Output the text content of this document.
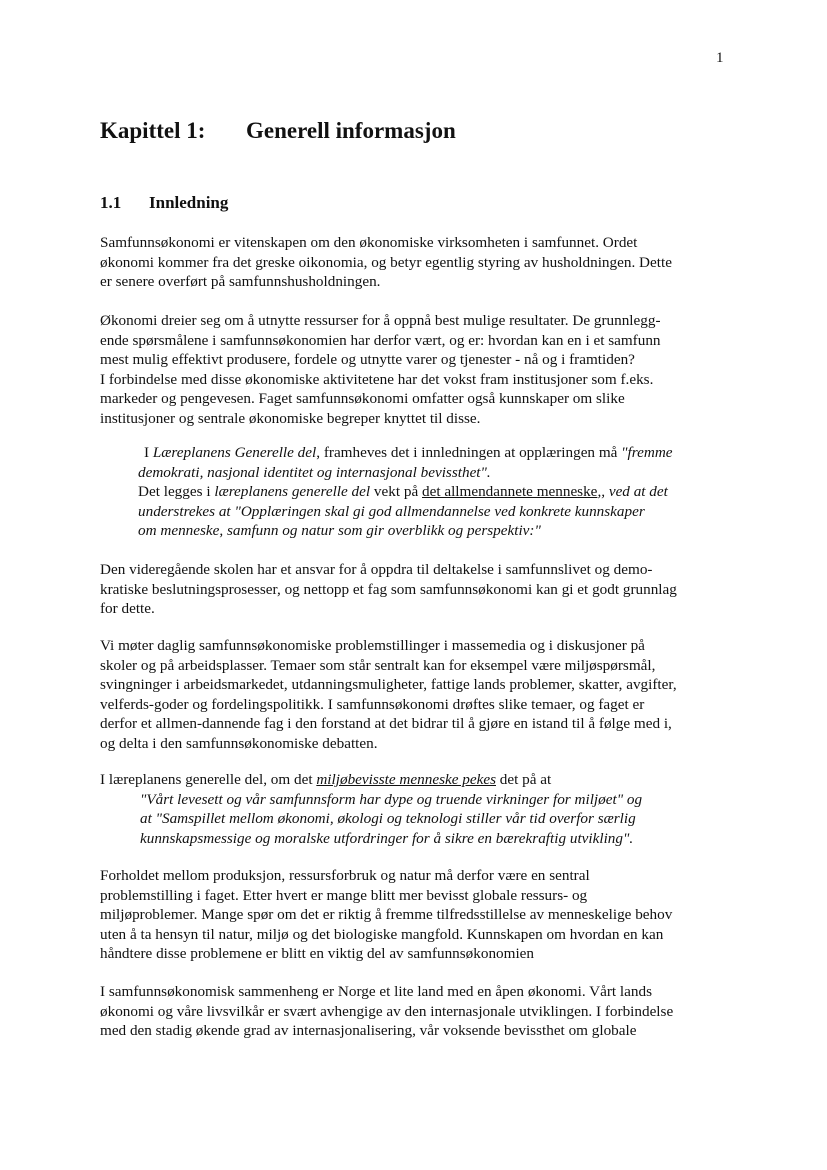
1
Kapittel 1: Generell informasjon
1.1 Innledning
Samfunnsøkonomi er vitenskapen om den økonomiske virksomheten i samfunnet. Ordet
økonomi kommer fra det greske oikonomia, og betyr egentlig styring av husholdningen. Dette
er senere overført på samfunnshusholdningen.
Økonomi dreier seg om å utnytte ressurser for å oppnå best mulige resultater. De grunnlegg-
ende spørsmålene i samfunnsøkonomien har derfor vært, og er: hvordan kan en i et samfunn
mest mulig effektivt produsere, fordele og utnytte varer og tjenester - nå og i framtiden?
I forbindelse med disse økonomiske aktivitetene har det vokst fram institusjoner som f.eks.
markeder og pengevesen. Faget samfunnsøkonomi omfatter også kunnskaper om slike
institusjoner og sentrale økonomiske begreper knyttet til disse.
I Læreplanens Generelle del, framheves det i innledningen at opplæringen må "fremme
demokrati, nasjonal identitet og internasjonal bevissthet".
Det legges i læreplanens generelle del vekt på det allmendannete menneske,, ved at det
understrekes at "Opplæringen skal gi god allmendannelse ved konkrete kunnskaper
om menneske, samfunn og natur som gir overblikk og perspektiv:"
Den videregående skolen har et ansvar for å oppdra til deltakelse i samfunnslivet og demo-
kratiske beslutningsprosesser, og nettopp et fag som samfunnsøkonomi kan gi et godt grunnlag
for dette.
Vi møter daglig samfunnsøkonomiske problemstillinger i massemedia og i diskusjoner på
skoler og på arbeidsplasser. Temaer som står sentralt kan for eksempel være miljøspørsmål,
svingninger i arbeidsmarkedet, utdanningsmuligheter, fattige lands problemer, skatter, avgifter,
velferds-goder og fordelingspolitikk. I samfunnsøkonomi drøftes slike temaer, og faget er
derfor et allmen-dannende fag i den forstand at det bidrar til å gjøre en istand til å følge med i,
og delta i den samfunnsøkonomiske debatten.
I læreplanens generelle del, om det miljøbevisste menneske pekes det på at
"Vårt levesett og vår samfunnsform har dype og truende virkninger for miljøet" og
at "Samspillet mellom økonomi, økologi og teknologi stiller vår tid overfor særlig
kunnskapsmessige og moralske utfordringer for å sikre en bærekraftig utvikling".
Forholdet mellom produksjon, ressursforbruk og natur må derfor være en sentral
problemstilling i faget. Etter hvert er mange blitt mer bevisst globale ressurs- og
miljøproblemer. Mange spør om det er riktig å fremme tilfredsstillelse av menneskelige behov
uten å ta hensyn til natur, miljø og det biologiske mangfold. Kunnskapen om hvordan en kan
håndtere disse problemene er blitt en viktig del av samfunnsøkonomien
I samfunnsøkonomisk sammenheng er Norge et lite land med en åpen økonomi. Vårt lands
økonomi og våre livsvilkår er svært avhengige av den internasjonale utviklingen. I forbindelse
med den stadig økende grad av internasjonalisering, vår voksende bevissthet om globale
